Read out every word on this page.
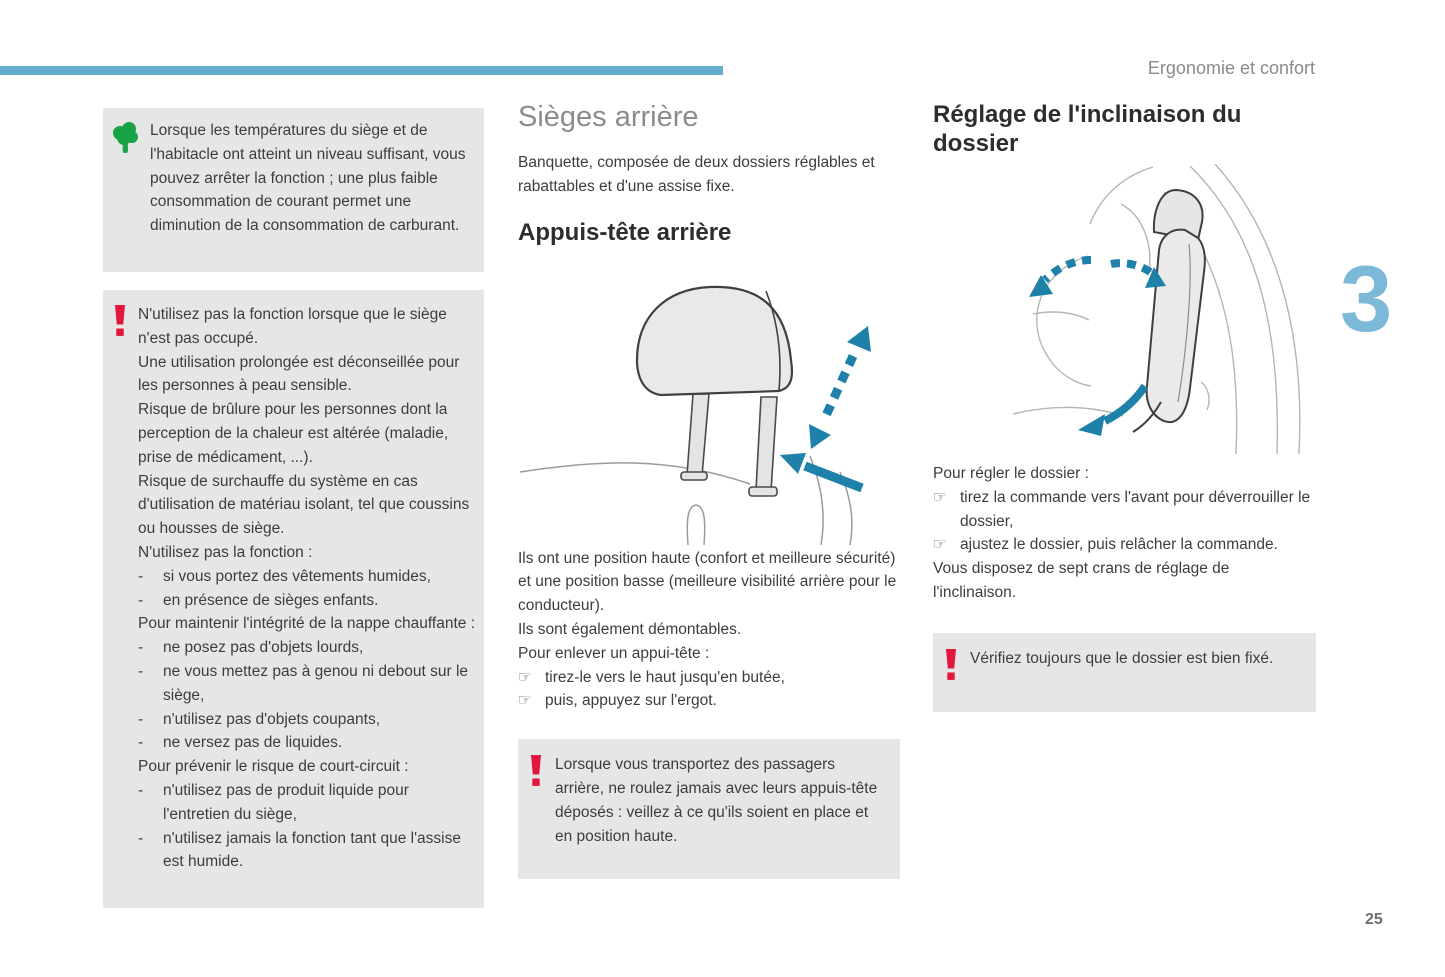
Ergonomie et confort
3
25

Lorsque les températures du siège et de l'habitacle ont atteint un niveau suffisant, vous pouvez arrêter la fonction ; une plus faible consommation de courant permet une diminution de la consommation de carburant.

N'utilisez pas la fonction lorsque que le siège n'est pas occupé.

Une utilisation prolongée est déconseillée pour les personnes à peau sensible.

Risque de brûlure pour les personnes dont la perception de la chaleur est altérée (maladie, prise de médicament, ...).

Risque de surchauffe du système en cas d'utilisation de matériau isolant, tel que coussins ou housses de siège.

N'utilisez pas la fonction :

-	si vous portez des vêtements humides,
-	en présence de sièges enfants.

Pour maintenir l'intégrité de la nappe chauffante :

-	ne posez pas d'objets lourds,
-	ne vous mettez pas à genou ni debout sur le siège,
-	n'utilisez pas d'objets coupants,
-	ne versez pas de liquides.

Pour prévenir le risque de court-circuit :

-	n'utilisez pas de produit liquide pour l'entretien du siège,
-	n'utilisez jamais la fonction tant que l'assise est humide.
Sièges arrière

Banquette, composée de deux dossiers réglables et rabattables et d'une assise fixe.

Appuis-tête arrière

Ils ont une position haute (confort et meilleure sécurité) et une position basse (meilleure visibilité arrière pour le conducteur).

Ils sont également démontables.

Pour enlever un appui-tête :

☞ tirez-le vers le haut jusqu'en butée,
☞ puis, appuyez sur l'ergot.

Lorsque vous transportez des passagers arrière, ne roulez jamais avec leurs appuis-tête déposés : veillez à ce qu'ils soient en place et en position haute.

Réglage de l'inclinaison du dossier

Pour régler le dossier :

☞ tirez la commande vers l'avant pour déverrouiller le dossier,
☞ ajustez le dossier, puis relâcher la commande.

Vous disposez de sept crans de réglage de l'inclinaison.

Vérifiez toujours que le dossier est bien fixé.
